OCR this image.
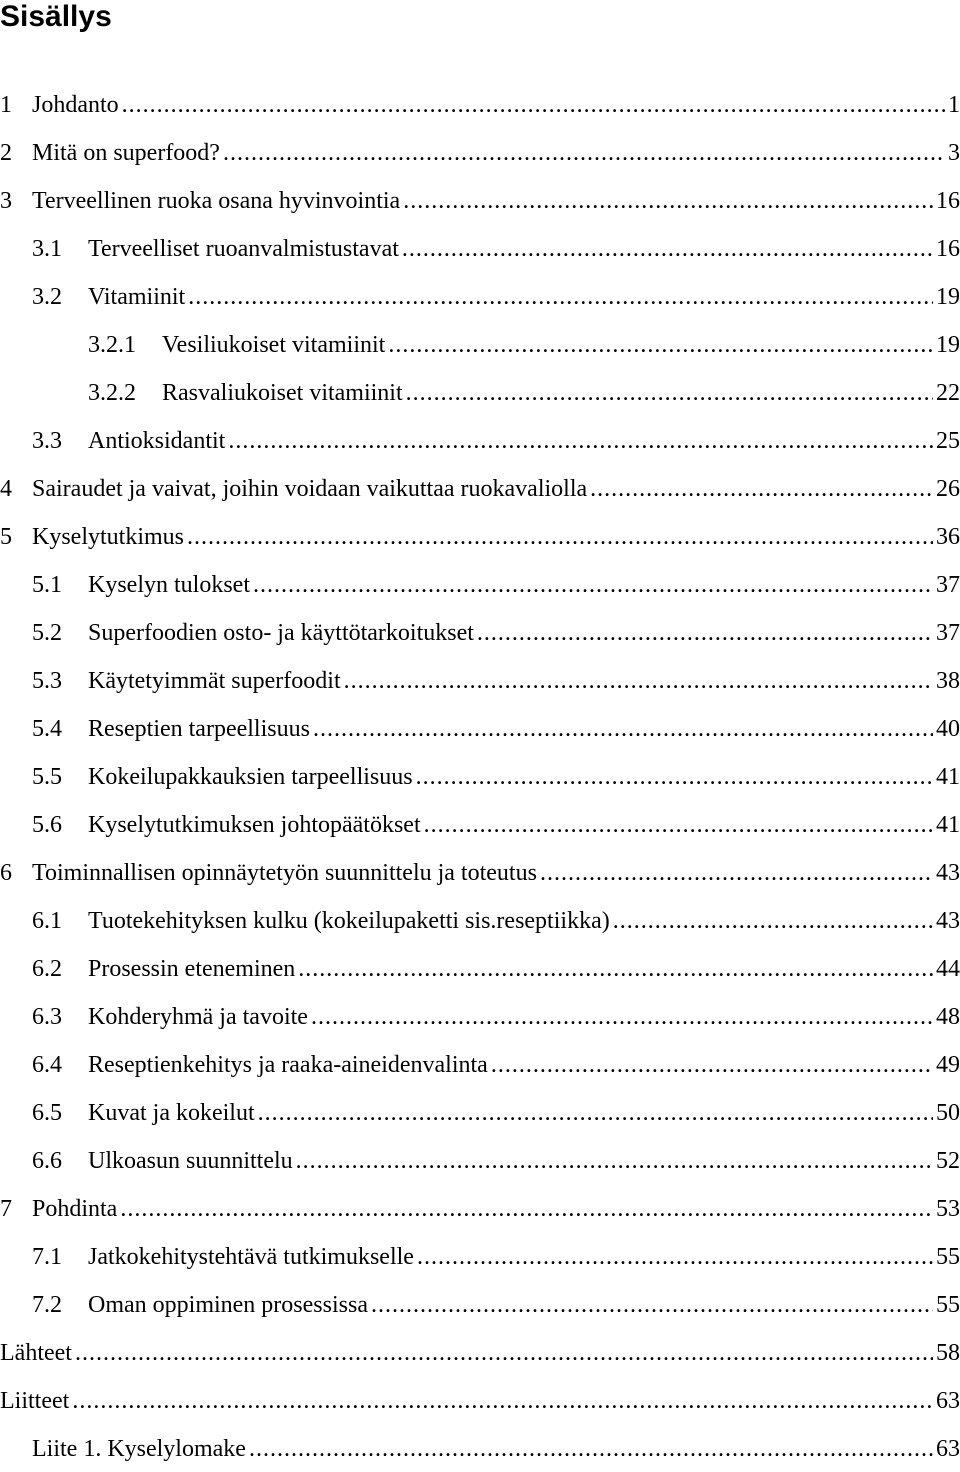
Sisällys
1 Johdanto .....	1
2 Mitä on superfood? .....	3
3 Terveellinen ruoka osana hyvinvointia .....	16
3.1	Terveelliset ruoanvalmistustavat .....	16
3.2	Vitamiinit .....	19
3.2.1	Vesiliukoiset vitamiinit .....	19
3.2.2	Rasvaliukoiset vitamiinit .....	22
3.3	Antioksidantit .....	25
4 Sairaudet ja vaivat, joihin voidaan vaikuttaa ruokavaliolla .....	26
5 Kyselytutkimus .....	36
5.1	Kyselyn tulokset .....	37
5.2	Superfoodien osto- ja käyttötarkoitukset .....	37
5.3	Käytetyimmät superfoodit .....	38
5.4	Reseptien tarpeellisuus .....	40
5.5	Kokeilupakkauksien tarpeellisuus .....	41
5.6	Kyselytutkimuksen johtopäätökset .....	41
6 Toiminnallisen opinnäytetyön suunnittelu ja toteutus .....	43
6.1	Tuotekehityksen kulku (kokeilupaketti sis.reseptiikka) .....	43
6.2	Prosessin eteneminen .....	44
6.3	Kohderyhmä ja tavoite .....	48
6.4	Reseptienkehitys ja raaka-aineidenvalinta .....	49
6.5	Kuvat ja kokeilut .....	50
6.6	Ulkoasun suunnittelu .....	52
7 Pohdinta .....	53
7.1	Jatkokehitystehtävä tutkimukselle .....	55
7.2	Oman oppiminen prosessissa .....	55
Lähteet .....	58
Liitteet .....	63
Liite 1. Kyselylomake .....	63
